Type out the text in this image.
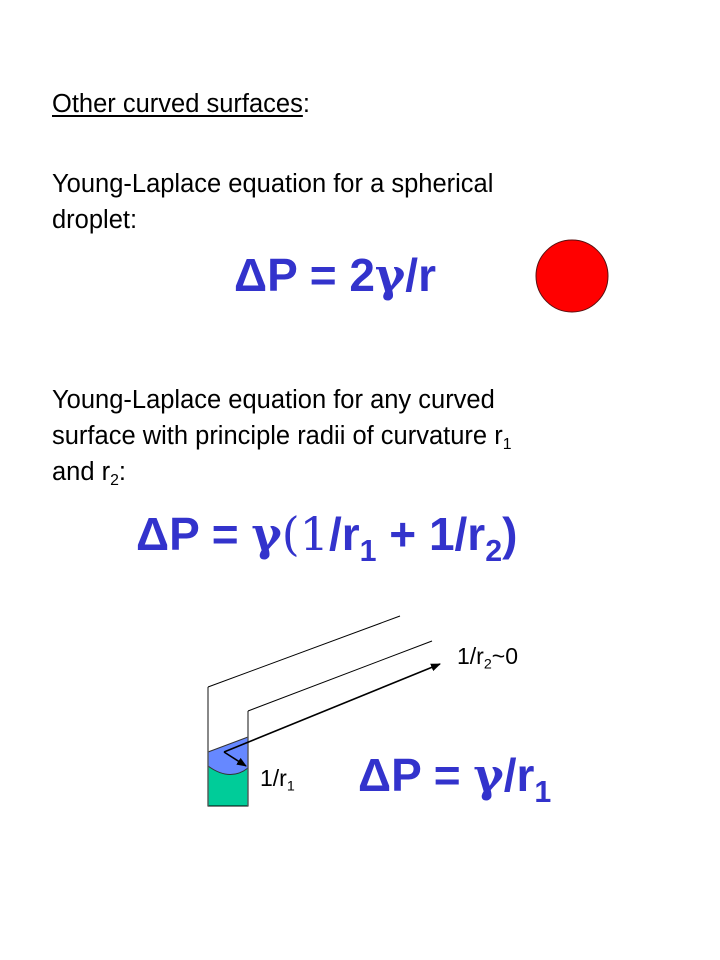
Other curved surfaces:
Young-Laplace equation for a spherical
droplet:
ΔP = 2γ/r
Young-Laplace equation for any curved
surface with principle radii of curvature $r_1$
and $r_2$:
$\Delta P = \gamma(1/r_1 + 1/r_2)$
$1/r_2\sim 0$
$1/r_1$ $\Delta P = \gamma/r_1$
